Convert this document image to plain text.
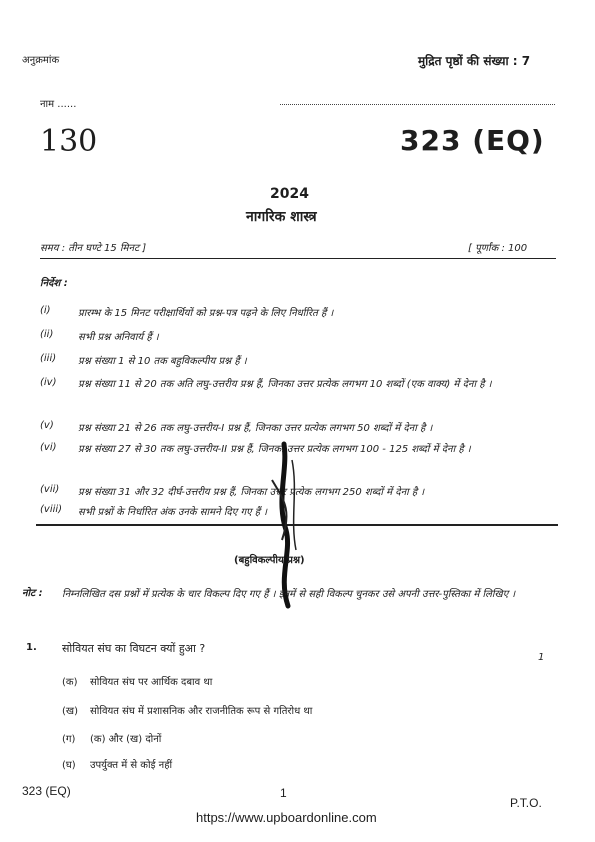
अनुक्रमांक	मुद्रित पृष्ठों की संख्या : 7
नाम ......
130	323 (EQ)
2024
नागरिक शास्त्र
समय : तीन घण्टे 15 मिनट ]	[ पूर्णांक : 100
निर्देश :
(i)	प्रारम्भ के 15 मिनट परीक्षार्थियों को प्रश्न-पत्र पढ़ने के लिए निर्धारित हैं ।
(ii) सभी प्रश्न अनिवार्य हैं ।
(iii) प्रश्न संख्या 1 से 10 तक बहुविकल्पीय प्रश्न हैं ।
(iv) प्रश्न संख्या 11 से 20 तक अति लघु-उत्तरीय प्रश्न हैं, जिनका उत्तर प्रत्येक लगभग 10 शब्दों (एक वाक्य) में देना है ।
(v) प्रश्न संख्या 21 से 26 तक लघु-उत्तरीय-I प्रश्न हैं, जिनका उत्तर प्रत्येक लगभग 50 शब्दों में देना है ।
(vi) प्रश्न संख्या 27 से 30 तक लघु-उत्तरीय-II प्रश्न हैं, जिनका उत्तर प्रत्येक लगभग 100 - 125 शब्दों में देना है ।
(vii) प्रश्न संख्या 31 और 32 दीर्घ-उत्तरीय प्रश्न हैं, जिनका उत्तर प्रत्येक लगभग 250 शब्दों में देना है ।
(viii) सभी प्रश्नों के निर्धारित अंक उनके सामने दिए गए हैं ।
(बहुविकल्पीय प्रश्न)
नोट : निम्नलिखित दस प्रश्नों में प्रत्येक के चार विकल्प दिए गए हैं । इनमें से सही विकल्प चुनकर उसे अपनी उत्तर-पुस्तिका में लिखिए ।
1. सोवियत संघ का विघटन क्यों हुआ ?
1
(क) सोवियत संघ पर आर्थिक दबाव था
(ख) सोवियत संघ में प्रशासनिक और राजनीतिक रूप से गतिरोध था
(ग) (क) और (ख) दोनों
(घ) उपर्युक्त में से कोई नहीं
323 (EQ)	1
P.T.O.
https://www.upboardonline.com
